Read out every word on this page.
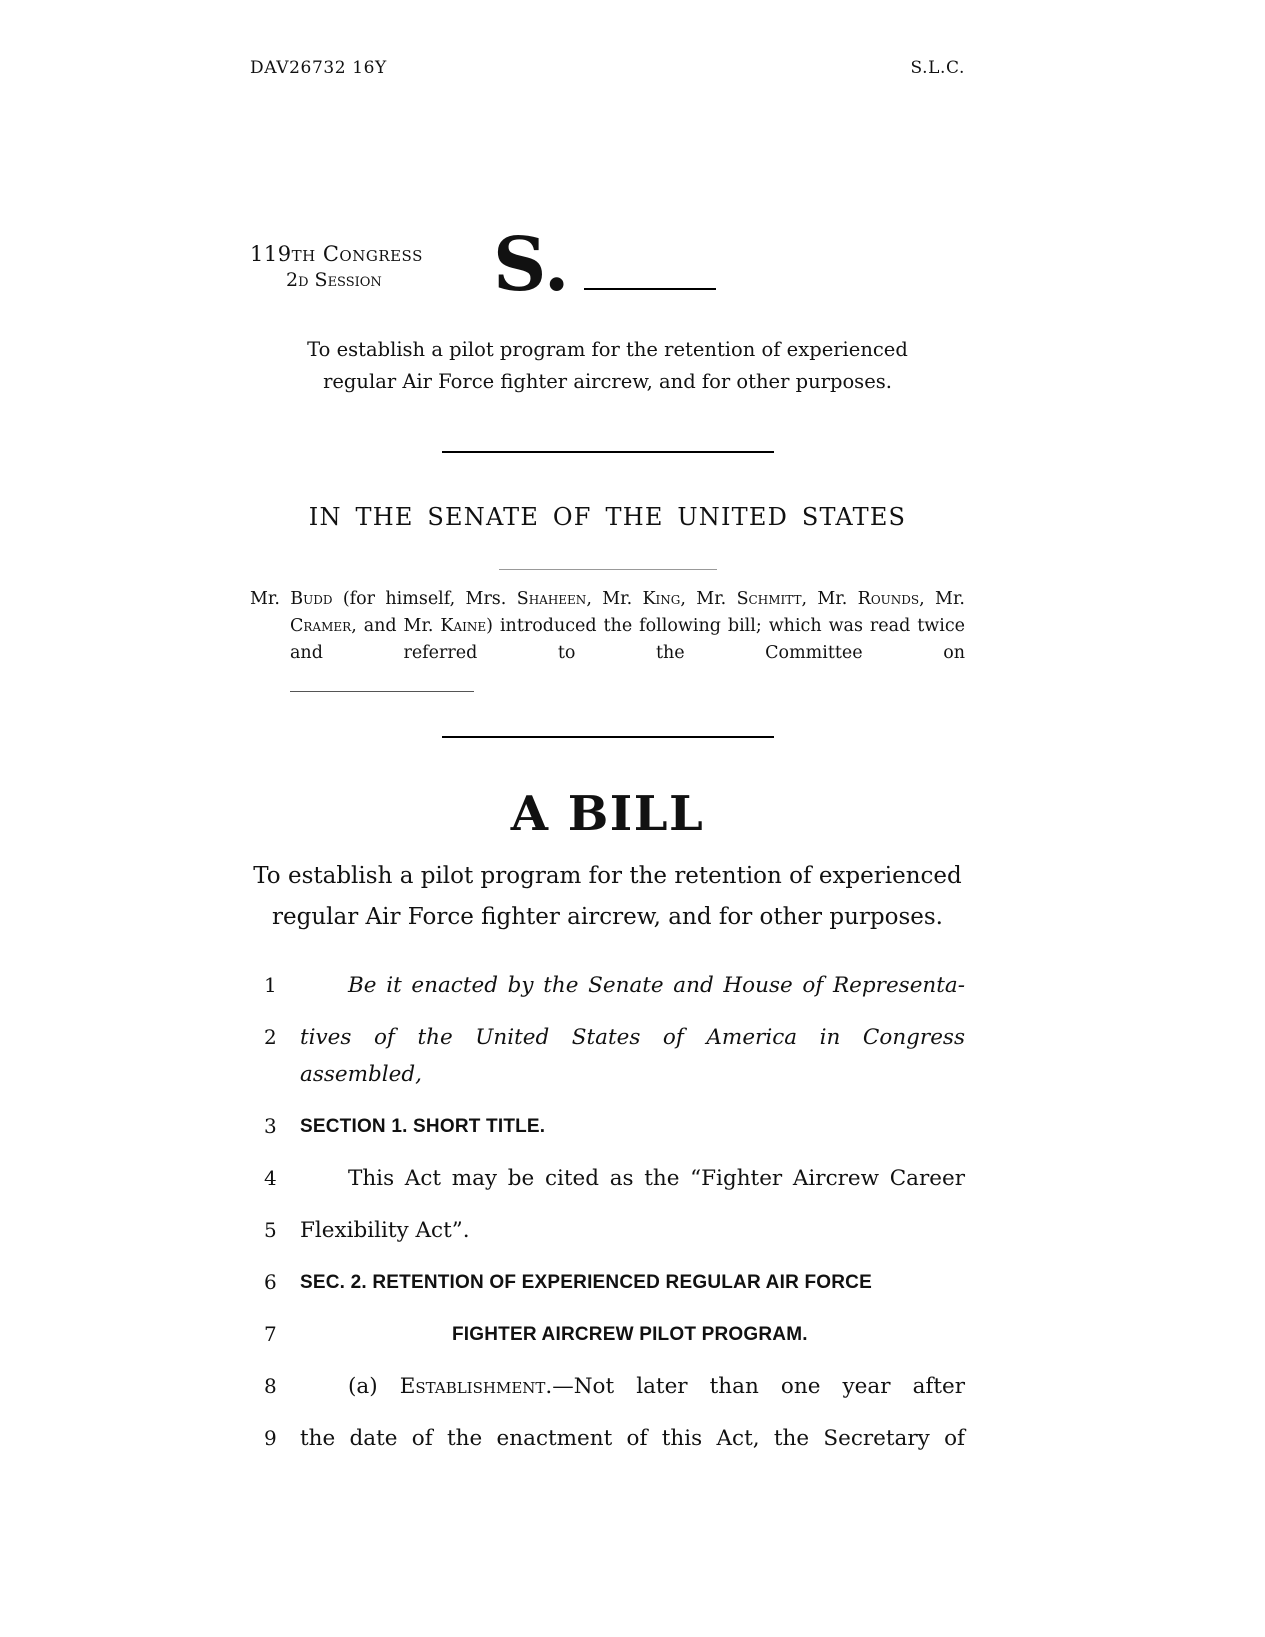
DAV26732 16Y	S.L.C.
119th Congress
2d Session	S.

To establish a pilot program for the retention of experienced regular Air Force fighter aircrew, and for other purposes.

IN THE SENATE OF THE UNITED STATES

Mr. Budd (for himself, Mrs. Shaheen, Mr. King, Mr. Schmitt, Mr. Rounds, Mr. Cramer, and Mr. Kaine) introduced the following bill; which was read twice and referred to the Committee on

A BILL
To establish a pilot program for the retention of experienced
regular Air Force fighter aircrew, and for other purposes.
1	Be it enacted by the Senate and House of Representa-
2	tives of the United States of America in Congress assembled,
3	SECTION 1. SHORT TITLE.
4	This Act may be cited as the “Fighter Aircrew Career
5	Flexibility Act”.
6	SEC. 2. RETENTION OF EXPERIENCED REGULAR AIR FORCE
7	FIGHTER AIRCREW PILOT PROGRAM.
8	(a) Establishment.—Not later than one year after
9	the date of the enactment of this Act, the Secretary of
